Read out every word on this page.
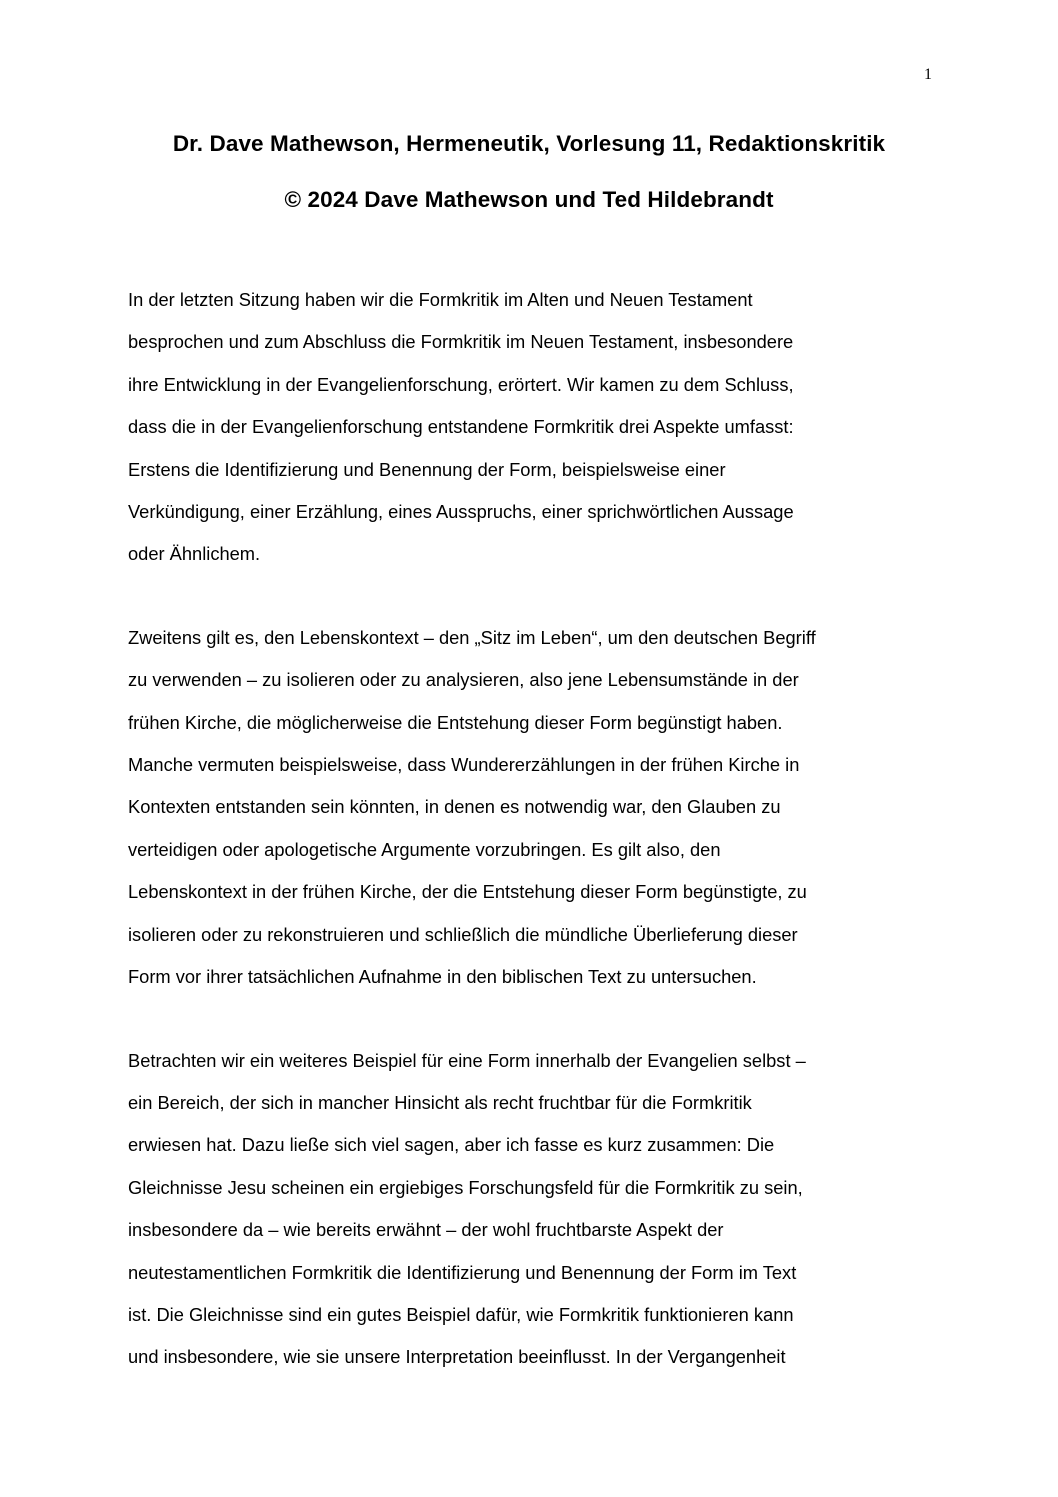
1
Dr. Dave Mathewson, Hermeneutik, Vorlesung 11, Redaktionskritik
© 2024 Dave Mathewson und Ted Hildebrandt

In der letzten Sitzung haben wir die Formkritik im Alten und Neuen Testament
besprochen und zum Abschluss die Formkritik im Neuen Testament, insbesondere
ihre Entwicklung in der Evangelienforschung, erörtert. Wir kamen zu dem Schluss,
dass die in der Evangelienforschung entstandene Formkritik drei Aspekte umfasst:
Erstens die Identifizierung und Benennung der Form, beispielsweise einer
Verkündigung, einer Erzählung, eines Ausspruchs, einer sprichwörtlichen Aussage
oder Ähnlichem.

Zweitens gilt es, den Lebenskontext – den „Sitz im Leben“, um den deutschen Begriff
zu verwenden – zu isolieren oder zu analysieren, also jene Lebensumstände in der
frühen Kirche, die möglicherweise die Entstehung dieser Form begünstigt haben.
Manche vermuten beispielsweise, dass Wundererzählungen in der frühen Kirche in
Kontexten entstanden sein könnten, in denen es notwendig war, den Glauben zu
verteidigen oder apologetische Argumente vorzubringen. Es gilt also, den
Lebenskontext in der frühen Kirche, der die Entstehung dieser Form begünstigte, zu
isolieren oder zu rekonstruieren und schließlich die mündliche Überlieferung dieser
Form vor ihrer tatsächlichen Aufnahme in den biblischen Text zu untersuchen.

Betrachten wir ein weiteres Beispiel für eine Form innerhalb der Evangelien selbst –
ein Bereich, der sich in mancher Hinsicht als recht fruchtbar für die Formkritik
erwiesen hat. Dazu ließe sich viel sagen, aber ich fasse es kurz zusammen: Die
Gleichnisse Jesu scheinen ein ergiebiges Forschungsfeld für die Formkritik zu sein,
insbesondere da – wie bereits erwähnt – der wohl fruchtbarste Aspekt der
neutestamentlichen Formkritik die Identifizierung und Benennung der Form im Text
ist. Die Gleichnisse sind ein gutes Beispiel dafür, wie Formkritik funktionieren kann
und insbesondere, wie sie unsere Interpretation beeinflusst. In der Vergangenheit
